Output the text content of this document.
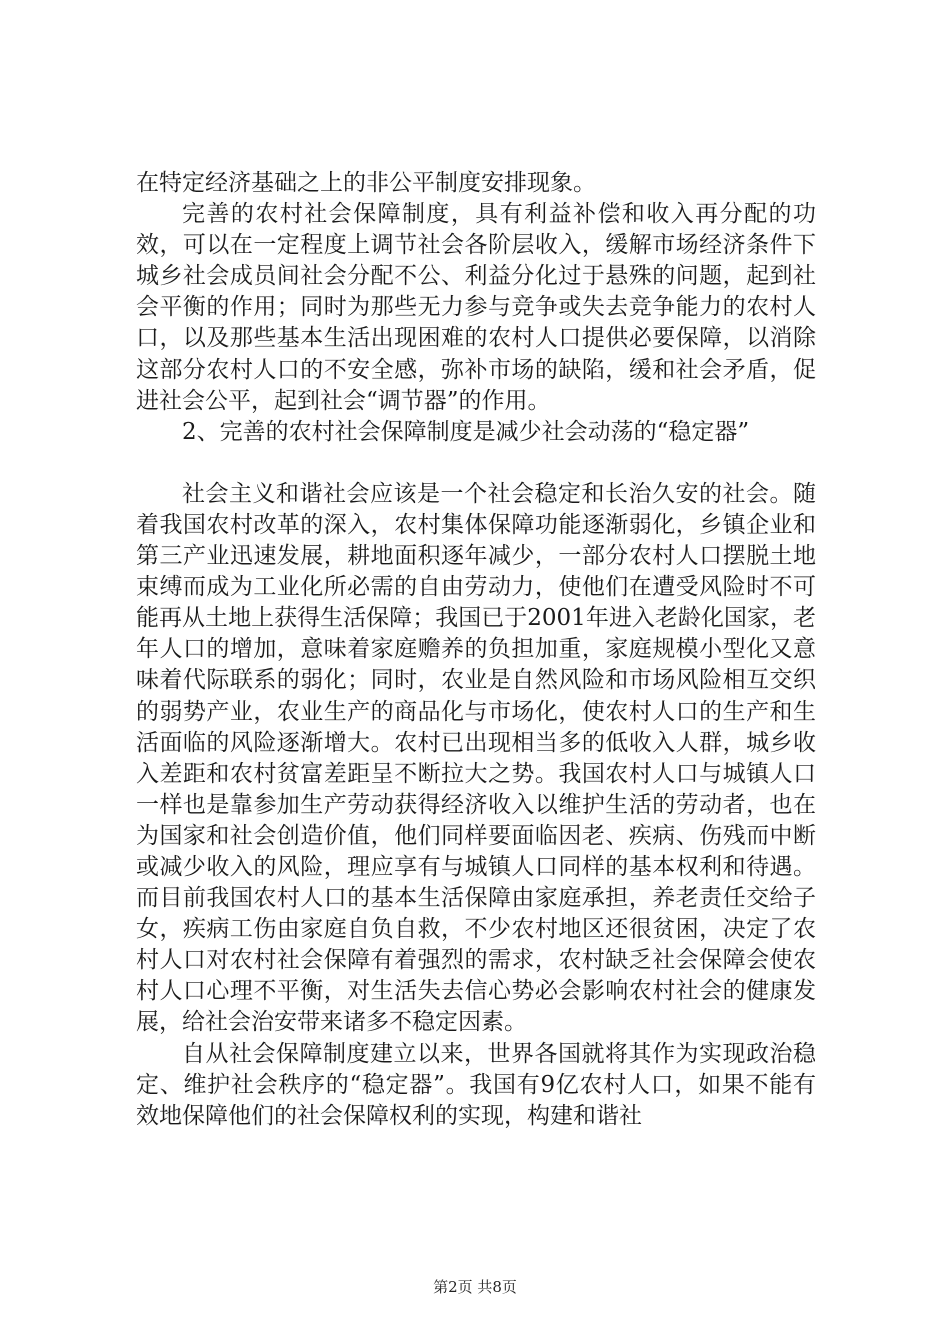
在特定经济基础之上的非公平制度安排现象。

完善的农村社会保障制度，具有利益补偿和收入再分配的功效，可以在一定程度上调节社会各阶层收入，缓解市场经济条件下城乡社会成员间社会分配不公、利益分化过于悬殊的问题，起到社会平衡的作用；同时为那些无力参与竞争或失去竞争能力的农村人口，以及那些基本生活出现困难的农村人口提供必要保障，以消除这部分农村人口的不安全感，弥补市场的缺陷，缓和社会矛盾，促进社会公平，起到社会“调节器”的作用。

2、完善的农村社会保障制度是减少社会动荡的“稳定器”

社会主义和谐社会应该是一个社会稳定和长治久安的社会。随着我国农村改革的深入，农村集体保障功能逐渐弱化，乡镇企业和第三产业迅速发展，耕地面积逐年减少，一部分农村人口摆脱土地束缚而成为工业化所必需的自由劳动力，使他们在遭受风险时不可能再从土地上获得生活保障；我国已于2001年进入老龄化国家，老年人口的增加，意味着家庭赡养的负担加重，家庭规模小型化又意味着代际联系的弱化；同时，农业是自然风险和市场风险相互交织的弱势产业，农业生产的商品化与市场化，使农村人口的生产和生活面临的风险逐渐增大。农村已出现相当多的低收入人群，城乡收入差距和农村贫富差距呈不断拉大之势。我国农村人口与城镇人口一样也是靠参加生产劳动获得经济收入以维护生活的劳动者，也在为国家和社会创造价值，他们同样要面临因老、疾病、伤残而中断或减少收入的风险，理应享有与城镇人口同样的基本权利和待遇。而目前我国农村人口的基本生活保障由家庭承担，养老责任交给子女，疾病工伤由家庭自负自救，不少农村地区还很贫困，决定了农村人口对农村社会保障有着强烈的需求，农村缺乏社会保障会使农村人口心理不平衡，对生活失去信心势必会影响农村社会的健康发展，给社会治安带来诸多不稳定因素。

自从社会保障制度建立以来，世界各国就将其作为实现政治稳定、维护社会秩序的“稳定器”。我国有9亿农村人口，如果不能有效地保障他们的社会保障权利的实现，构建和谐社

第2页 共8页
